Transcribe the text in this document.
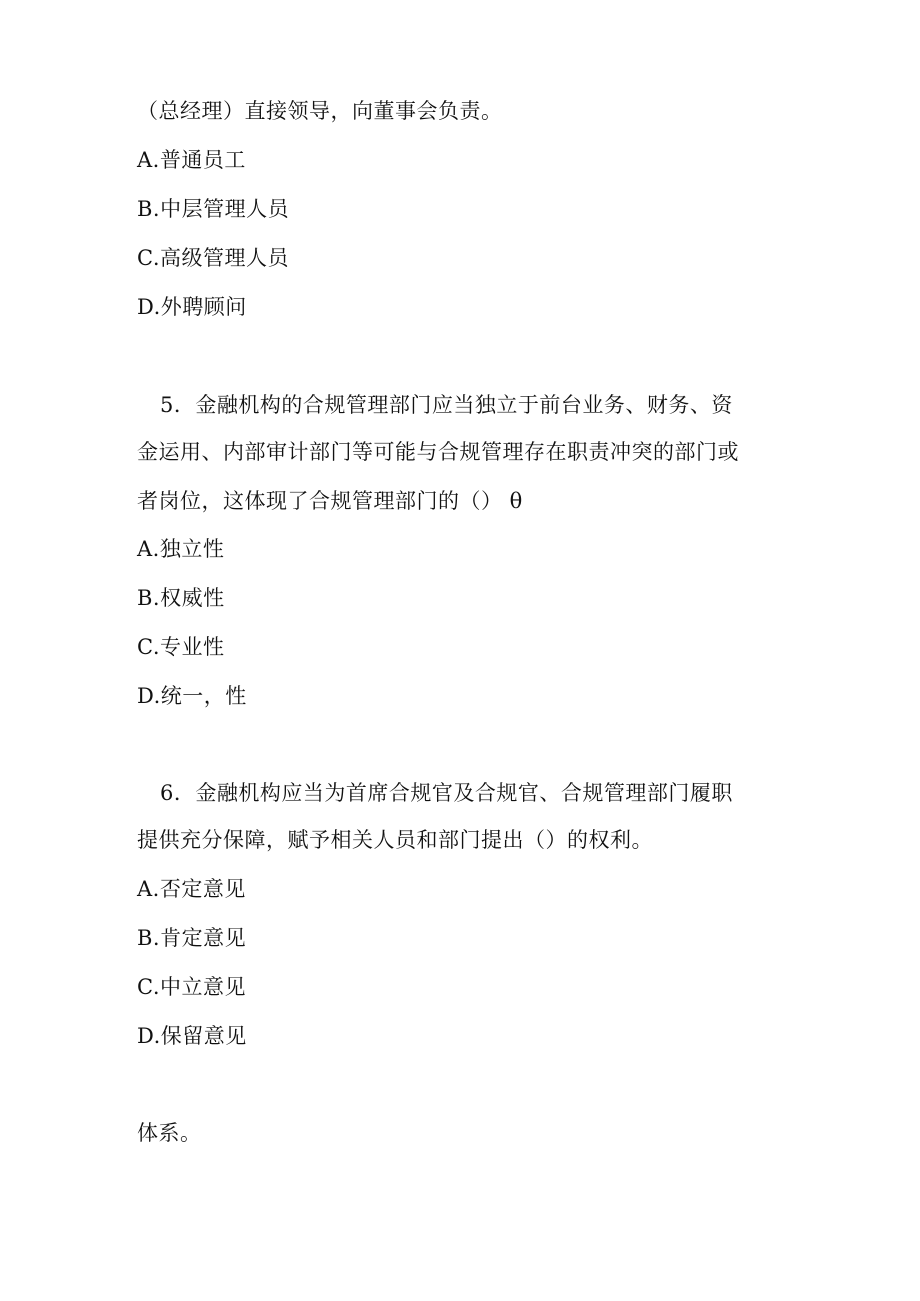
（总经理）直接领导，向董事会负责。
A.普通员工
B.中层管理人员
C.高级管理人员
D.外聘顾问
5．金融机构的合规管理部门应当独立于前台业务、财务、资
金运用、内部审计部门等可能与合规管理存在职责冲突的部门或
者岗位，这体现了合规管理部门的（） θ
A.独立性
B.权威性
C.专业性
D.统一，性
6．金融机构应当为首席合规官及合规官、合规管理部门履职
提供充分保障，赋予相关人员和部门提出（）的权利。
A.否定意见
B.肯定意见
C.中立意见
D.保留意见
体系。
